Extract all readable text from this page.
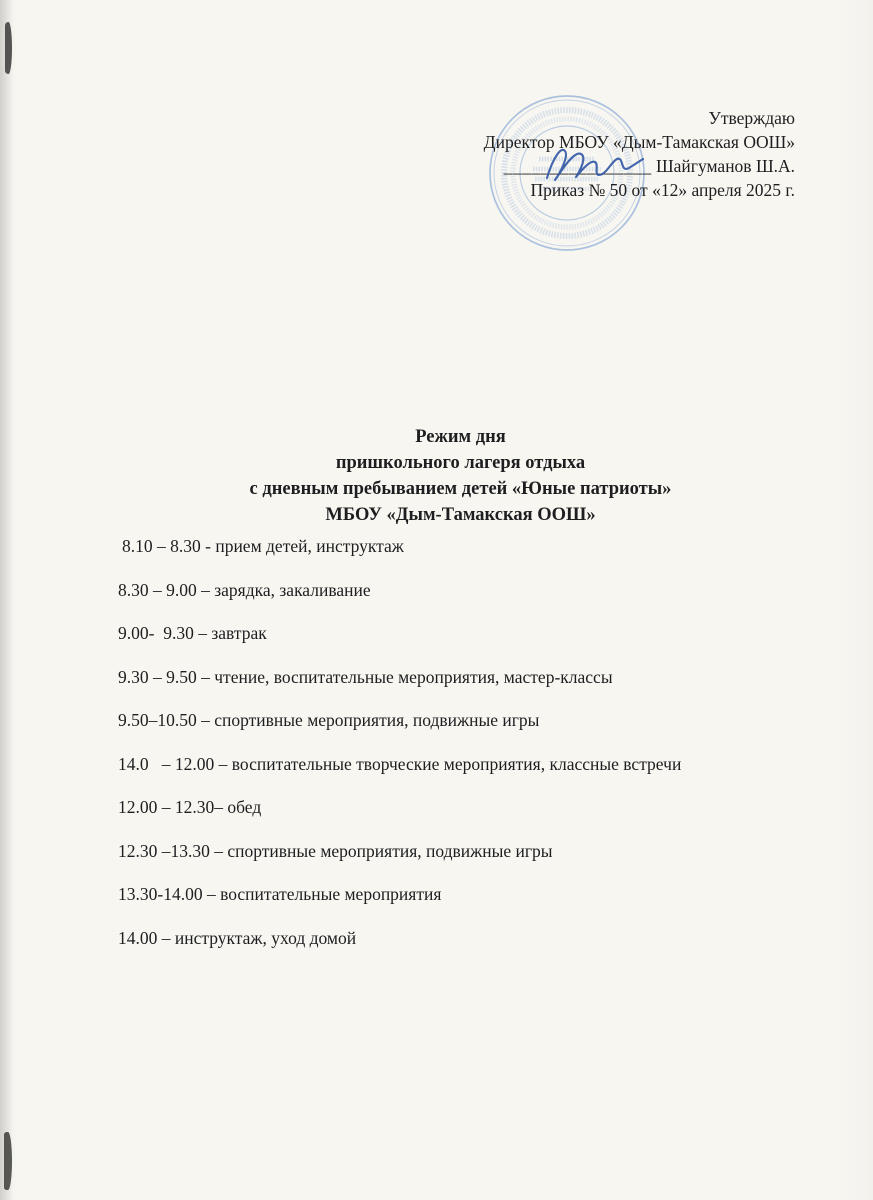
Утверждаю
Директор МБОУ «Дым-Тамакская ООШ»
________________ Шайгуманов Ш.А.
Приказ № 50 от «12» апреля 2025 г.
Режим дня
пришкольного лагеря отдыха
с дневным пребыванием детей «Юные патриоты»
МБОУ «Дым-Тамакская ООШ»
8.10 – 8.30 - прием детей, инструктаж
8.30 – 9.00 – зарядка, закаливание
9.00-  9.30 – завтрак
9.30 – 9.50 – чтение, воспитательные мероприятия, мастер-классы
9.50–10.50 – спортивные мероприятия, подвижные игры
14.0   – 12.00 – воспитательные творческие мероприятия, классные встречи
12.00 – 12.30– обед
12.30 –13.30 – спортивные мероприятия, подвижные игры
13.30-14.00 – воспитательные мероприятия
14.00 – инструктаж, уход домой
